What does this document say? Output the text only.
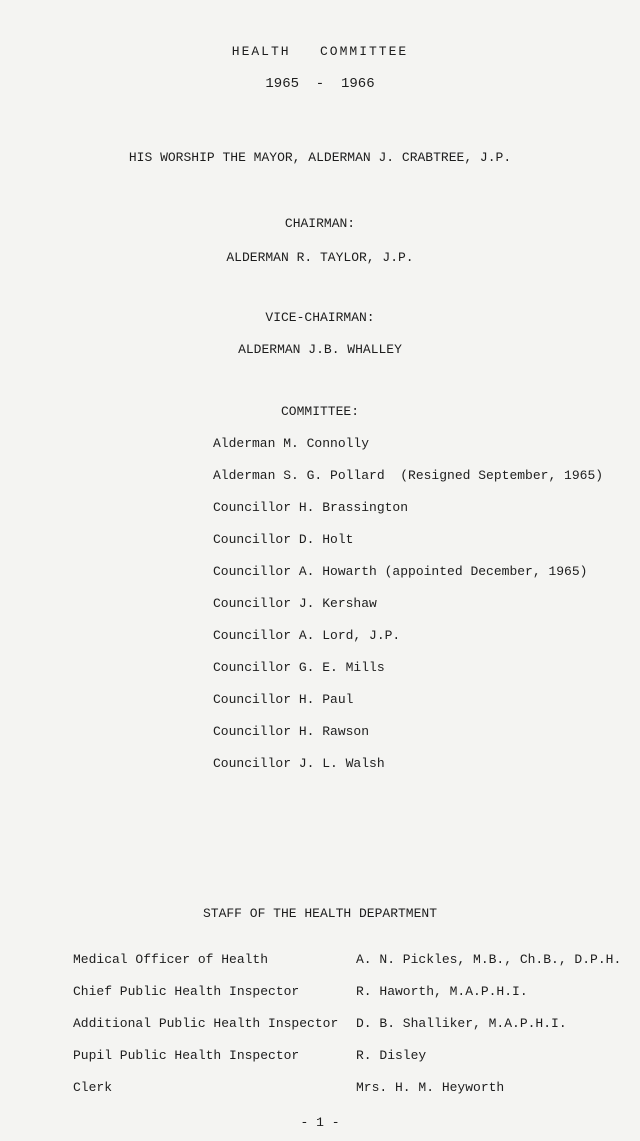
HEALTH   COMMITTEE
1965  -  1966
HIS WORSHIP THE MAYOR, ALDERMAN J. CRABTREE, J.P.
CHAIRMAN:
ALDERMAN R. TAYLOR, J.P.
VICE-CHAIRMAN:
ALDERMAN J.B. WHALLEY
COMMITTEE:
Alderman M. Connolly
Alderman S. G. Pollard  (Resigned September, 1965)
Councillor H. Brassington
Councillor D. Holt
Councillor A. Howarth (appointed December, 1965)
Councillor J. Kershaw
Councillor A. Lord, J.P.
Councillor G. E. Mills
Councillor H. Paul
Councillor H. Rawson
Councillor J. L. Walsh
STAFF OF THE HEALTH DEPARTMENT
Medical Officer of Health	A. N. Pickles, M.B., Ch.B., D.P.H.
Chief Public Health Inspector	R. Haworth, M.A.P.H.I.
Additional Public Health Inspector D. B. Shalliker, M.A.P.H.I.
Pupil Public Health Inspector	R. Disley
Clerk	Mrs. H. M. Heyworth
- 1 -
